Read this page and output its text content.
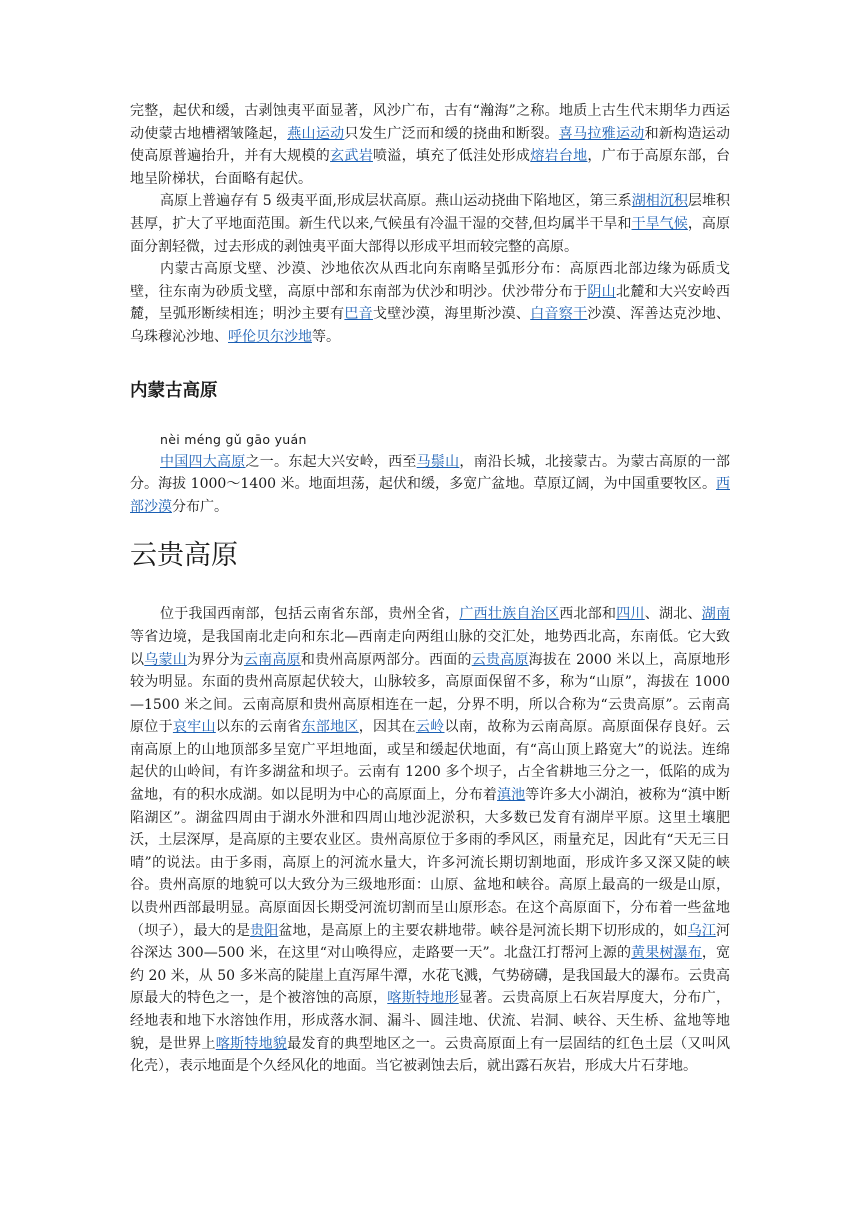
完整，起伏和缓，古剥蚀夷平面显著，风沙广布，古有“瀚海”之称。地质上古生代末期华力西运动使蒙古地槽褶皱隆起，燕山运动只发生广泛而和缓的挠曲和断裂。喜马拉雅运动和新构造运动使高原普遍抬升，并有大规模的玄武岩喷溢，填充了低洼处形成熔岩台地，广布于高原东部，台地呈阶梯状，台面略有起伏。

高原上普遍存有 5 级夷平面,形成层状高原。燕山运动挠曲下陷地区，第三系湖相沉积层堆积甚厚，扩大了平地面范围。新生代以来,气候虽有冷温干湿的交替,但均属半干旱和干旱气候，高原面分割轻微，过去形成的剥蚀夷平面大部得以形成平坦而较完整的高原。

内蒙古高原戈壁、沙漠、沙地依次从西北向东南略呈弧形分布：高原西北部边缘为砾质戈壁，往东南为砂质戈壁，高原中部和东南部为伏沙和明沙。伏沙带分布于阴山北麓和大兴安岭西麓，呈弧形断续相连；明沙主要有巴音戈壁沙漠，海里斯沙漠、白音察干沙漠、浑善达克沙地、乌珠穆沁沙地、呼伦贝尔沙地等。

内蒙古高原
nèi méng gǔ gāo yuán

中国四大高原之一。东起大兴安岭，西至马鬃山，南沿长城，北接蒙古。为蒙古高原的一部分。海拔 1000～1400 米。地面坦荡，起伏和缓，多宽广盆地。草原辽阔，为中国重要牧区。西部沙漠分布广。

云贵高原

位于我国西南部，包括云南省东部，贵州全省，广西壮族自治区西北部和四川、湖北、湖南等省边境，是我国南北走向和东北—西南走向两组山脉的交汇处，地势西北高，东南低。它大致以乌蒙山为界分为云南高原和贵州高原两部分。西面的云贵高原海拔在 2000 米以上，高原地形较为明显。东面的贵州高原起伏较大，山脉较多，高原面保留不多，称为“山原”，海拔在 1000—1500 米之间。云南高原和贵州高原相连在一起，分界不明，所以合称为“云贵高原”。云南高原位于哀牢山以东的云南省东部地区，因其在云岭以南，故称为云南高原。高原面保存良好。云南高原上的山地顶部多呈宽广平坦地面，或呈和缓起伏地面，有“高山顶上路宽大”的说法。连绵起伏的山岭间，有许多湖盆和坝子。云南有 1200 多个坝子，占全省耕地三分之一，低陷的成为盆地，有的积水成湖。如以昆明为中心的高原面上，分布着滇池等许多大小湖泊，被称为“滇中断陷湖区”。湖盆四周由于湖水外泄和四周山地沙泥淤积，大多数已发育有湖岸平原。这里土壤肥沃，土层深厚，是高原的主要农业区。贵州高原位于多雨的季风区，雨量充足，因此有“天无三日晴”的说法。由于多雨，高原上的河流水量大，许多河流长期切割地面，形成许多又深又陡的峡谷。贵州高原的地貌可以大致分为三级地形面：山原、盆地和峡谷。高原上最高的一级是山原，以贵州西部最明显。高原面因长期受河流切割而呈山原形态。在这个高原面下，分布着一些盆地（坝子），最大的是贵阳盆地，是高原上的主要农耕地带。峡谷是河流长期下切形成的，如乌江河谷深达 300—500 米，在这里“对山唤得应，走路要一天”。北盘江打帮河上源的黄果树瀑布，宽约 20 米，从 50 多米高的陡崖上直泻犀牛潭，水花飞溅，气势磅礴，是我国最大的瀑布。云贵高原最大的特色之一，是个被溶蚀的高原，喀斯特地形显著。云贵高原上石灰岩厚度大，分布广，经地表和地下水溶蚀作用，形成落水洞、漏斗、圆洼地、伏流、岩洞、峡谷、天生桥、盆地等地貌，是世界上喀斯特地貌最发育的典型地区之一。云贵高原面上有一层固结的红色土层（又叫风化壳），表示地面是个久经风化的地面。当它被剥蚀去后，就出露石灰岩，形成大片石芽地。
